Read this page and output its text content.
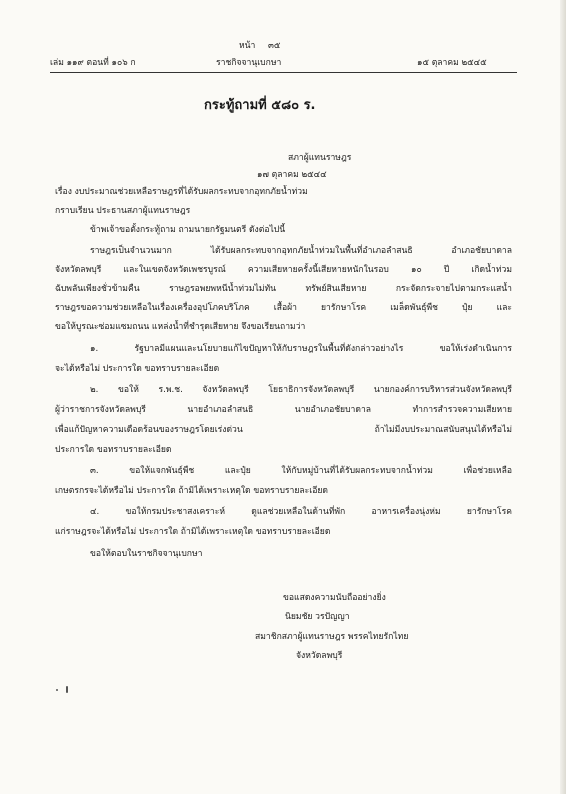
หน้า ๓๕
เล่ม ๑๑๙ ตอนที่ ๑๐๖ ก	ราชกิจจานุเบกษา	๑๕ ตุลาคม ๒๕๔๕
กระทู้ถามที่ ๕๘๐ ร.
สภาผู้แทนราษฎร
๑๗ ตุลาคม ๒๕๔๔
เรื่อง งบประมาณช่วยเหลือราษฎรที่ได้รับผลกระทบจากอุทกภัยน้ำท่วม
กราบเรียน ประธานสภาผู้แทนราษฎร
ข้าพเจ้าขอตั้งกระทู้ถาม ถามนายกรัฐมนตรี ดังต่อไปนี้
ราษฎรเป็นจำนวนมาก ได้รับผลกระทบจากอุทกภัยน้ำท่วมในพื้นที่อำเภอลำสนธิ อำเภอชัยบาดาล
จังหวัดลพบุรี และในเขตจังหวัดเพชรบูรณ์ ความเสียหายครั้งนี้เสียหายหนักในรอบ ๑๐ ปี เกิดน้ำท่วม
ฉับพลันเพียงชั่วข้ามคืน ราษฎรอพยพหนีน้ำท่วมไม่ทัน ทรัพย์สินเสียหาย กระจัดกระจายไปตามกระแสน้ำ
ราษฎรขอความช่วยเหลือในเรื่องเครื่องอุปโภคบริโภค เสื้อผ้า ยารักษาโรค เมล็ดพันธุ์พืช ปุ๋ย และ
ขอให้บูรณะซ่อมแซมถนน แหล่งน้ำที่ชำรุดเสียหาย จึงขอเรียนถามว่า
๑. รัฐบาลมีแผนและนโยบายแก้ไขปัญหาให้กับราษฎรในพื้นที่ดังกล่าวอย่างไร ขอให้เร่งดำเนินการ
จะได้หรือไม่ ประการใด ขอทราบรายละเอียด
๒. ขอให้ ร.พ.ช. จังหวัดลพบุรี โยธาธิการจังหวัดลพบุรี นายกองค์การบริหารส่วนจังหวัดลพบุรี
ผู้ว่าราชการจังหวัดลพบุรี นายอำเภอลำสนธิ นายอำเภอชัยบาดาล ทำการสำรวจความเสียหาย
เพื่อแก้ปัญหาความเดือดร้อนของราษฎรโดยเร่งด่วน ถ้าไม่มีงบประมาณสนับสนุนได้หรือไม่
ประการใด ขอทราบรายละเอียด
๓. ขอให้แจกพันธุ์พืช และปุ๋ย ให้กับหมู่บ้านที่ได้รับผลกระทบจากน้ำท่วม เพื่อช่วยเหลือ
เกษตรกรจะได้หรือไม่ ประการใด ถ้ามิได้เพราะเหตุใด ขอทราบรายละเอียด
๔. ขอให้กรมประชาสงเคราะห์ ดูแลช่วยเหลือในด้านที่พัก อาหารเครื่องนุ่งห่ม ยารักษาโรค
แก่ราษฎรจะได้หรือไม่ ประการใด ถ้ามิได้เพราะเหตุใด ขอทราบรายละเอียด
ขอให้ตอบในราชกิจจานุเบกษา
ขอแสดงความนับถืออย่างยิ่ง
นิยมชัย วรปัญญา
สมาชิกสภาผู้แทนราษฎร พรรคไทยรักไทย
จังหวัดลพบุรี
